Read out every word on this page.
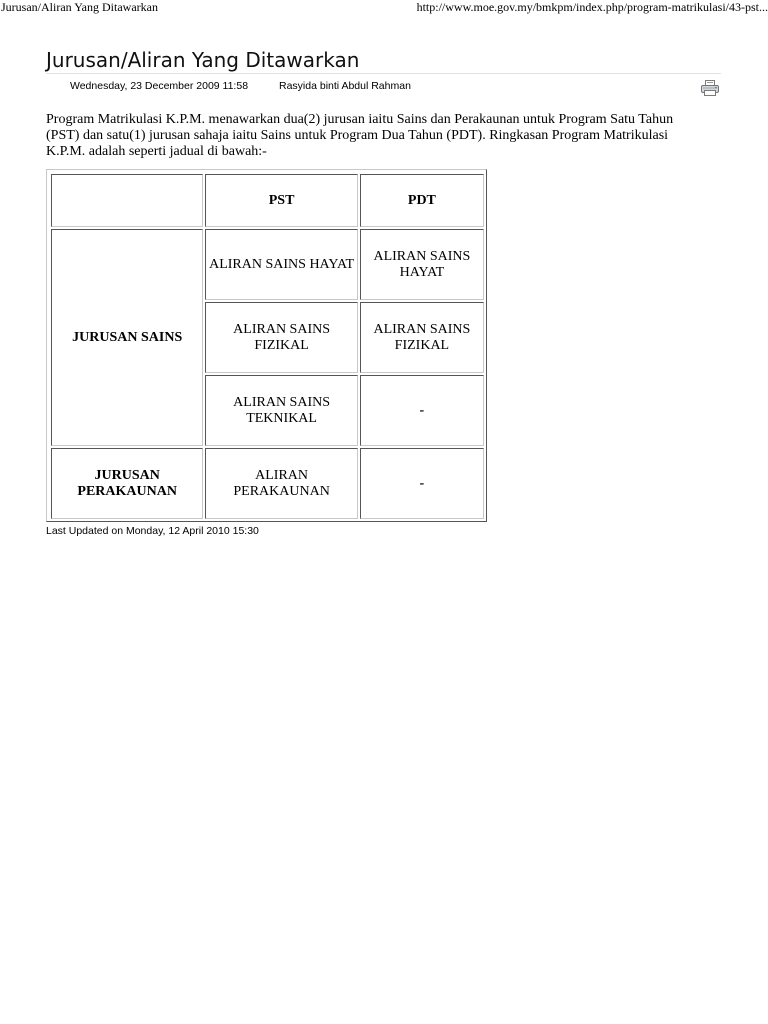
Jurusan/Aliran Yang Ditawarkan	http://www.moe.gov.my/bmkpm/index.php/program-matrikulasi/43-pst...
Jurusan/Aliran Yang Ditawarkan
Wednesday, 23 December 2009 11:58	Rasyida binti Abdul Rahman

Program Matrikulasi K.P.M. menawarkan dua(2) jurusan iaitu Sains dan Perakaunan untuk Program Satu Tahun (PST) dan satu(1) jurusan sahaja iaitu Sains untuk Program Dua Tahun (PDT). Ringkasan Program Matrikulasi K.P.M. adalah seperti jadual di bawah:-

	PST	PDT
JURUSAN SAINS	ALIRAN SAINS HAYAT	ALIRAN SAINS HAYAT
	ALIRAN SAINS FIZIKAL	ALIRAN SAINS FIZIKAL
	ALIRAN SAINS TEKNIKAL	-
JURUSAN PERAKAUNAN	ALIRAN PERAKAUNAN	-
Last Updated on Monday, 12 April 2010 15:30
